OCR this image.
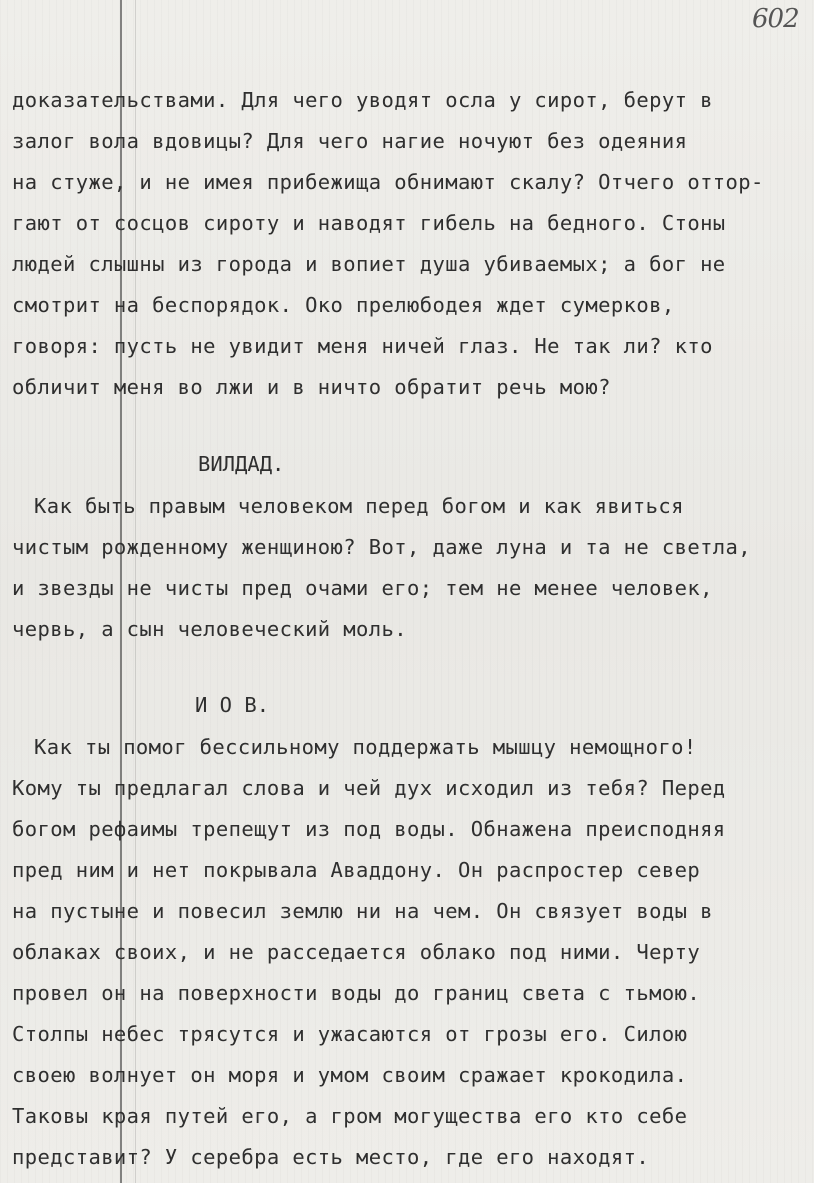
602
доказательствами. Для чего уводят осла у сирот, берут в
залог вола вдовицы? Для чего нагие ночуют без одеяния
на стуже, и не имея прибежища обнимают скалу? Отчего оттор-
гают от сосцов сироту и наводят гибель на бедного. Стоны
людей слышны из города и вопиет душа убиваемых; а бог не
смотрит на беспорядок. Око прелюбодея ждет сумерков,
говоря: пусть не увидит меня ничей глаз. Не так ли? кто
обличит меня во лжи и в ничто обратит речь мою?
ВИЛДАД.
Как быть правым человеком перед богом и как явиться
чистым рожденному женщиною? Вот, даже луна и та не светла,
и звезды не чисты пред очами его; тем не менее человек,
червь, а сын человеческий моль.
И О В.
Как ты помог бессильному поддержать мышцу немощного!
Кому ты предлагал слова и чей дух исходил из тебя? Перед
богом рефаимы трепещут из под воды. Обнажена преисподняя
пред ним и нет покрывала Аваддону. Он распростер север
на пустыне и повесил землю ни на чем. Он связует воды в
облаках своих, и не расседается облако под ними. Черту
провел он на поверхности воды до границ света с тьмою.
Столпы небес трясутся и ужасаются от грозы его. Силою
своею волнует он моря и умом своим сражает крокодила.
Таковы края путей его, а гром могущества его кто себе
представит? У серебра есть место, где его находят.
